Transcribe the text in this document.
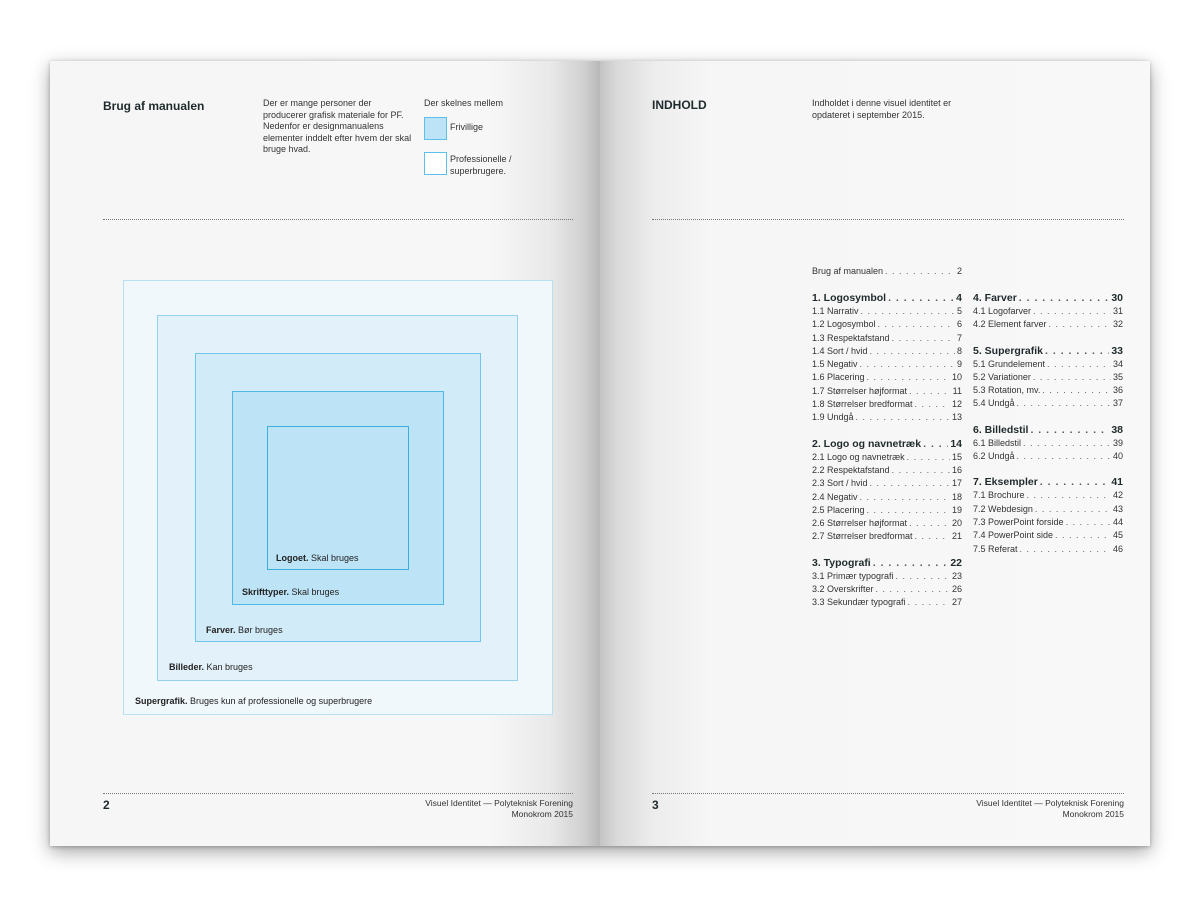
Brug af manualen	Der er mange personer der producerer grafisk materiale for PF. Nedenfor er designmanualens elementer inddelt efter hvem der skal bruge hvad.
Der skelnes mellem
Frivillige
Professionelle / superbrugere.
Supergrafik. Bruges kun af professionelle og superbrugere
Billeder. Kan bruges
Farver. Bør bruges
Skrifttyper. Skal bruges
Logoet. Skal bruges
2	Visuel Identitet — Polyteknisk Forening
Monokrom 2015
INDHOLD	Indholdet i denne visuel identitet er opdateret i september 2015.
Brug af manualen . . .	2
1. Logosymbol . . .	4
1.1 Narrativ . . .	5
1.2 Logosymbol . . .	6
1.3 Respektafstand . . .	7
1.4 Sort / hvid . . .	8
1.5 Negativ . . .	9
1.6 Placering . . .	10
1.7 Størrelser højformat . . .	11
1.8 Størrelser bredformat . . .	12
1.9 Undgå . . .	13
2. Logo og navnetræk . . .	14
2.1 Logo og navnetræk . . .	15
2.2 Respektafstand . . .	16
2.3 Sort / hvid . . .	17
2.4 Negativ . . .	18
2.5 Placering . . .	19
2.6 Størrelser højformat . . .	20
2.7 Størrelser bredformat . . .	21
3. Typografi . . .	22
3.1 Primær typografi . . .	23
3.2 Overskrifter . . .	26
3.3 Sekundær typografi . . .	27
4. Farver . . .	30
4.1 Logofarver . . .	31
4.2 Element farver . . .	32
5. Supergrafik . . .	33
5.1 Grundelement . . .	34
5.2 Variationer . . .	35
5.3 Rotation, mv. . . .	36
5.4 Undgå . . .	37
6. Billedstil . . .	38
6.1 Billedstil . . .	39
6.2 Undgå . . .	40
7. Eksempler . . .	41
7.1 Brochure . . .	42
7.2 Webdesign . . .	43
7.3 PowerPoint forside . . .	44
7.4 PowerPoint side . . .	45
7.5 Referat . . .	46
3	Visuel Identitet — Polyteknisk Forening
Monokrom 2015
